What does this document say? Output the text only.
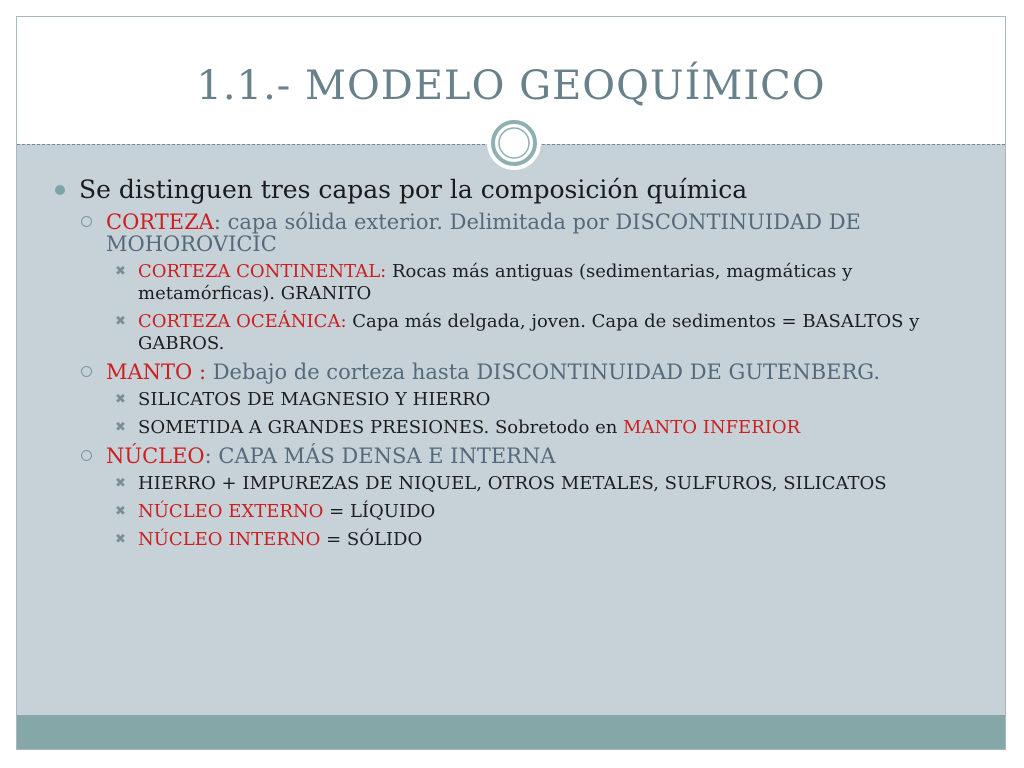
1.1.- MODELO GEOQUÍMICO
Se distinguen tres capas por la composición química
CORTEZA: capa sólida exterior. Delimitada por DISCONTINUIDAD DE MOHOROVICIC
✖ CORTEZA CONTINENTAL: Rocas más antiguas (sedimentarias, magmáticas y metamórficas). GRANITO
✖ CORTEZA OCEÁNICA: Capa más delgada, joven. Capa de sedimentos = BASALTOS y GABROS.
MANTO : Debajo de corteza hasta DISCONTINUIDAD DE GUTENBERG.
✖ SILICATOS DE MAGNESIO Y HIERRO
✖ SOMETIDA A GRANDES PRESIONES. Sobretodo en MANTO INFERIOR
NÚCLEO: CAPA MÁS DENSA E INTERNA
✖ HIERRO + IMPUREZAS DE NIQUEL, OTROS METALES, SULFUROS, SILICATOS
✖ NÚCLEO EXTERNO = LÍQUIDO
✖ NÚCLEO INTERNO = SÓLIDO
